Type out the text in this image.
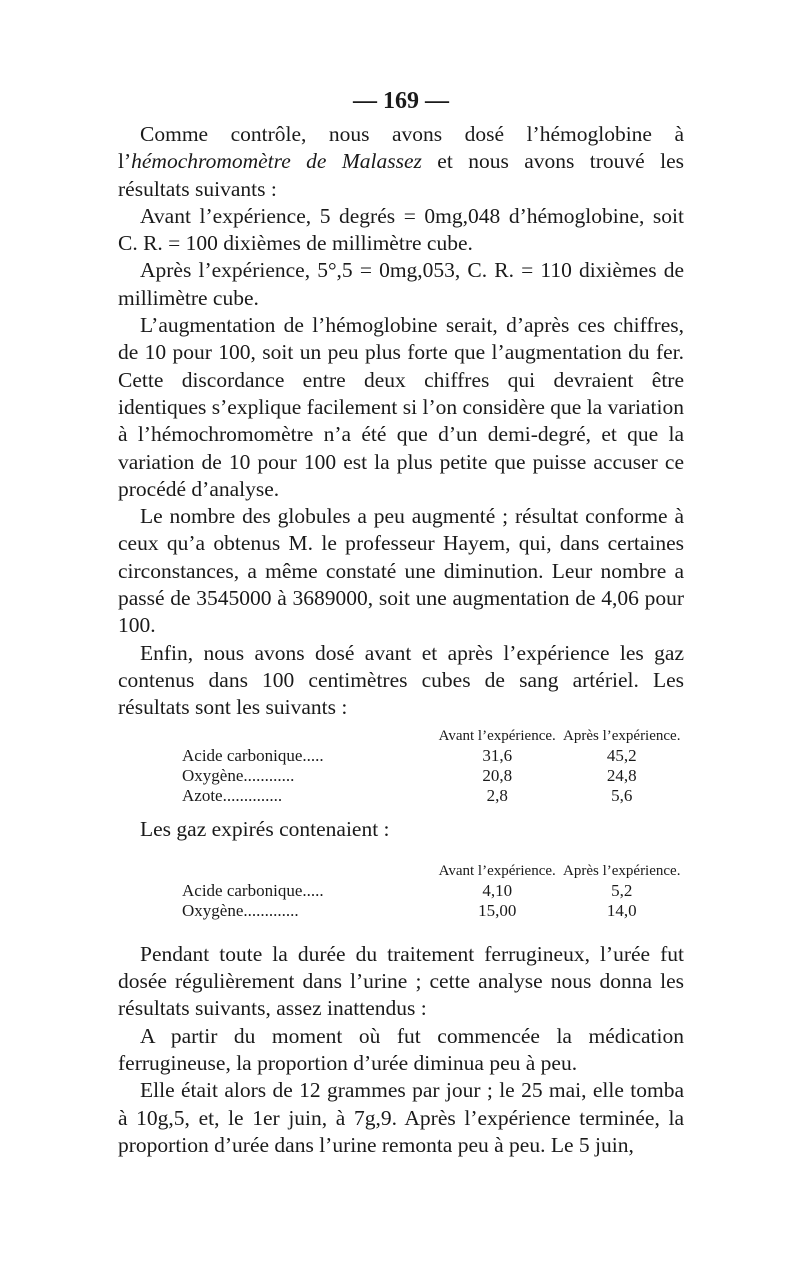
— 169 —

Comme contrôle, nous avons dosé l’hémoglobine à l’hémochromomètre de Malassez et nous avons trouvé les résultats suivants :

Avant l’expérience, 5 degrés = 0mg,048 d’hémoglobine, soit C. R. = 100 dixièmes de millimètre cube.

Après l’expérience, 5°,5 = 0mg,053, C. R. = 110 dixièmes de millimètre cube.

L’augmentation de l’hémoglobine serait, d’après ces chiffres, de 10 pour 100, soit un peu plus forte que l’augmentation du fer. Cette discordance entre deux chiffres qui devraient être identiques s’explique facilement si l’on considère que la variation à l’hémochromomètre n’a été que d’un demi-degré, et que la variation de 10 pour 100 est la plus petite que puisse accuser ce procédé d’analyse.

Le nombre des globules a peu augmenté ; résultat conforme à ceux qu’a obtenus M. le professeur Hayem, qui, dans certaines circonstances, a même constaté une diminution. Leur nombre a passé de 3545000 à 3689000, soit une augmentation de 4,06 pour 100.

Enfin, nous avons dosé avant et après l’expérience les gaz contenus dans 100 centimètres cubes de sang artériel. Les résultats sont les suivants :

	Avant l’expérience.	Après l’expérience.
Acide carbonique.....	31,6	45,2
Oxygène............	20,8	24,8
Azote..............	2,8	5,6

Les gaz expirés contenaient :

	Avant l’expérience.	Après l’expérience.
Acide carbonique.....	4,10	5,2
Oxygène.............	15,00	14,0

Pendant toute la durée du traitement ferrugineux, l’urée fut dosée régulièrement dans l’urine ; cette analyse nous donna les résultats suivants, assez inattendus :

A partir du moment où fut commencée la médication ferrugineuse, la proportion d’urée diminua peu à peu.

Elle était alors de 12 grammes par jour ; le 25 mai, elle tomba à 10g,5, et, le 1er juin, à 7g,9. Après l’expérience terminée, la proportion d’urée dans l’urine remonta peu à peu. Le 5 juin,
